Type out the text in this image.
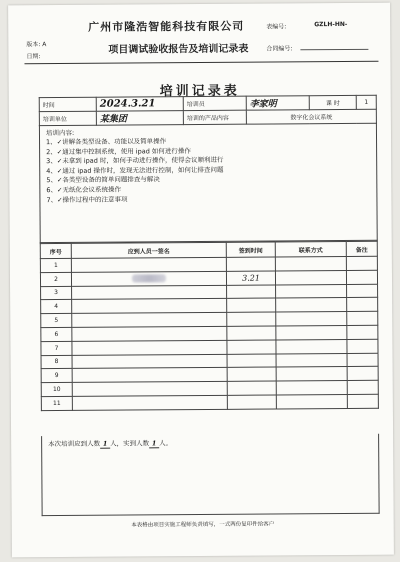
广州市隆浩智能科技有限公司
项目调试验收报告及培训记录表
版本: A
日期:
表编号:	GZLH-HN-
合同编号:
培训记录表
时间	2024.3.21	培训员	李家明	课 时	1
培训单位	某集团	培训的产品内容	数字化会议系统		
培训内容:
1、✓讲解各类型设备、功能以及简单操作
2、✓通过集中控制系统，使用 ipad 如何进行操作
3、✓未拿到 ipad 时，如何手动进行操作，使得会议顺利进行
4、✓通过 ipad 操作时，发现无法进行控制，如何让排查问题
5、✓各类型设备的简单问题排查与解决
6、✓无纸化会议系统操作
7、✓操作过程中的注意事项
序号	应到人员一签名	签到时间	联系方式	备注
1				
2		3.21		
3				
4				
5				
6				
7				
8				
9				
10				
11				
本次培训应到人数 1 人，实到人数 1 人。
本表格由项目实施工程师负责填写，一式两份复印件给客户
